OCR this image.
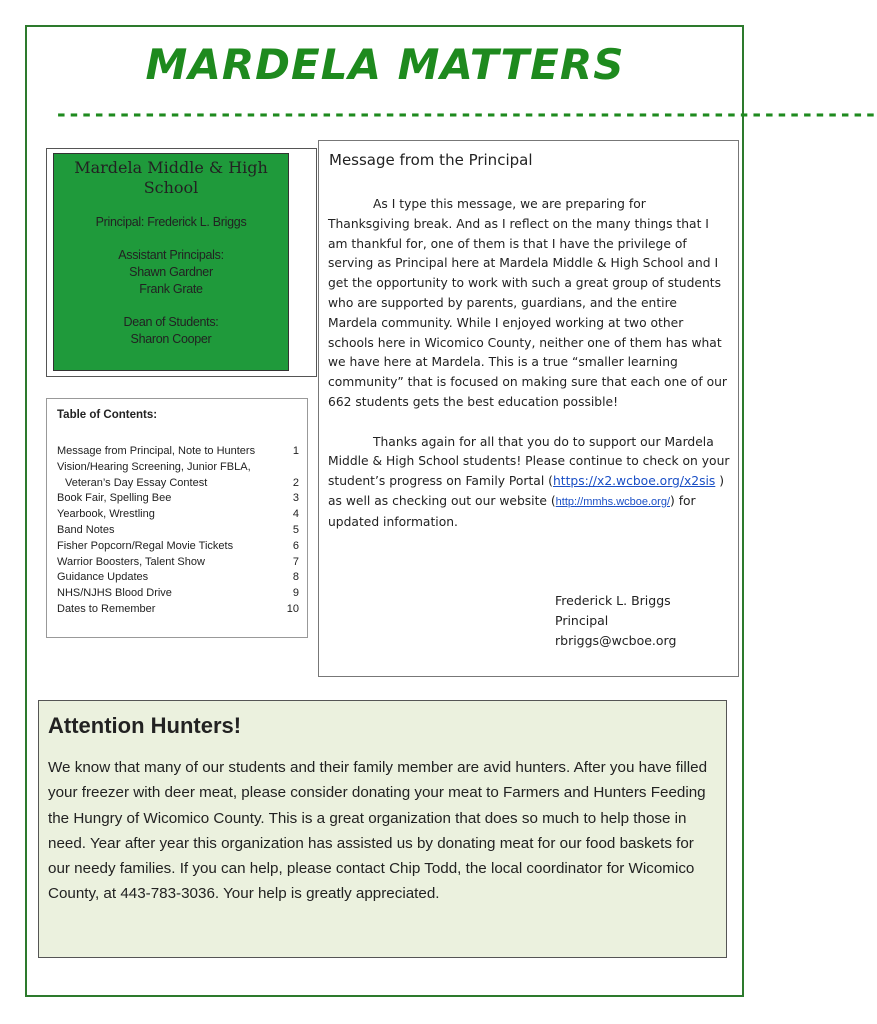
MARDELA MATTERS
-----------------------------------------------------------------
Mardela Middle & High School
Principal: Frederick L. Briggs
Assistant Principals:
Shawn Gardner
Frank Grate
Dean of Students:
Sharon Cooper
Table of Contents:
Message from Principal, Note to Hunters	1
Vision/Hearing Screening, Junior FBLA,
Veteran’s Day Essay Contest	2
Book Fair, Spelling Bee	3
Yearbook, Wrestling	4
Band Notes	5
Fisher Popcorn/Regal Movie Tickets	6
Warrior Boosters, Talent Show	7
Guidance Updates	8
NHS/NJHS Blood Drive	9
Dates to Remember	10
Message from the Principal

As I type this message, we are preparing for Thanksgiving break. And as I reflect on the many things that I am thankful for, one of them is that I have the privilege of serving as Principal here at Mardela Middle & High School and I get the opportunity to work with such a great group of students who are supported by parents, guardians, and the entire Mardela community. While I enjoyed working at two other schools here in Wicomico County, neither one of them has what we have here at Mardela. This is a true “smaller learning community” that is focused on making sure that each one of our 662 students gets the best education possible!

Thanks again for all that you do to support our Mardela Middle & High School students! Please continue to check on your student’s progress on Family Portal (https://x2.wcboe.org/x2sis ) as well as checking out our website (http://mmhs.wcboe.org/) for updated information.

Frederick L. Briggs
Principal
rbriggs@wcboe.org
Attention Hunters!

We know that many of our students and their family member are avid hunters. After you have filled your freezer with deer meat, please consider donating your meat to Farmers and Hunters Feeding the Hungry of Wicomico County. This is a great organization that does so much to help those in need. Year after year this organization has assisted us by donating meat for our food baskets for our needy families. If you can help, please contact Chip Todd, the local coordinator for Wicomico County, at 443-783-3036. Your help is greatly appreciated.
